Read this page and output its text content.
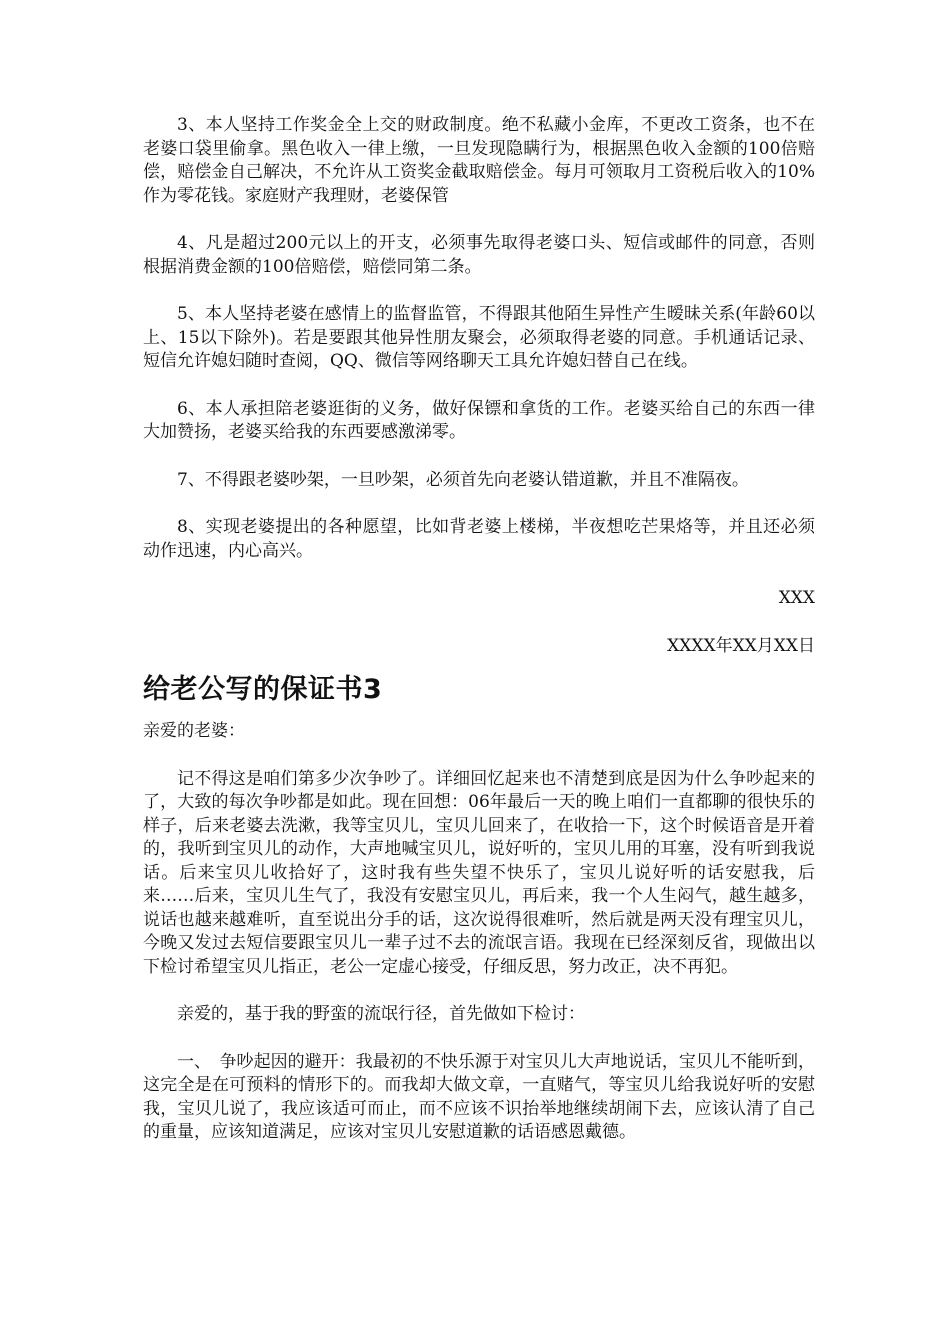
3、本人坚持工作奖金全上交的财政制度。绝不私藏小金库，不更改工资条，也不在老婆口袋里偷拿。黑色收入一律上缴，一旦发现隐瞒行为，根据黑色收入金额的100倍赔偿，赔偿金自己解决，不允许从工资奖金截取赔偿金。每月可领取月工资税后收入的10%作为零花钱。家庭财产我理财，老婆保管

4、凡是超过200元以上的开支，必须事先取得老婆口头、短信或邮件的同意，否则根据消费金额的100倍赔偿，赔偿同第二条。

5、本人坚持老婆在感情上的监督监管，不得跟其他陌生异性产生暧昧关系(年龄60以上、15以下除外)。若是要跟其他异性朋友聚会，必须取得老婆的同意。手机通话记录、短信允许媳妇随时查阅，QQ、微信等网络聊天工具允许媳妇替自己在线。

6、本人承担陪老婆逛街的义务，做好保镖和拿货的工作。老婆买给自己的东西一律大加赞扬，老婆买给我的东西要感激涕零。

7、不得跟老婆吵架，一旦吵架，必须首先向老婆认错道歉，并且不准隔夜。

8、实现老婆提出的各种愿望，比如背老婆上楼梯，半夜想吃芒果烙等，并且还必须动作迅速，内心高兴。

XXX

XXXX年XX月XX日

给老公写的保证书3

亲爱的老婆：

记不得这是咱们第多少次争吵了。详细回忆起来也不清楚到底是因为什么争吵起来的了，大致的每次争吵都是如此。现在回想：06年最后一天的晚上咱们一直都聊的很快乐的样子，后来老婆去洗漱，我等宝贝儿，宝贝儿回来了，在收拾一下，这个时候语音是开着的，我听到宝贝儿的动作，大声地喊宝贝儿，说好听的，宝贝儿用的耳塞，没有听到我说话。后来宝贝儿收拾好了，这时我有些失望不快乐了，宝贝儿说好听的话安慰我，后来……后来，宝贝儿生气了，我没有安慰宝贝儿，再后来，我一个人生闷气，越生越多，说话也越来越难听，直至说出分手的话，这次说得很难听，然后就是两天没有理宝贝儿，今晚又发过去短信要跟宝贝儿一辈子过不去的流氓言语。我现在已经深刻反省，现做出以下检讨希望宝贝儿指正，老公一定虚心接受，仔细反思，努力改正，决不再犯。

亲爱的，基于我的野蛮的流氓行径，首先做如下检讨：

一、　争吵起因的避开：我最初的不快乐源于对宝贝儿大声地说话，宝贝儿不能听到，这完全是在可预料的情形下的。而我却大做文章，一直赌气，等宝贝儿给我说好听的安慰我，宝贝儿说了，我应该适可而止，而不应该不识抬举地继续胡闹下去，应该认清了自己的重量，应该知道满足，应该对宝贝儿安慰道歉的话语感恩戴德。
